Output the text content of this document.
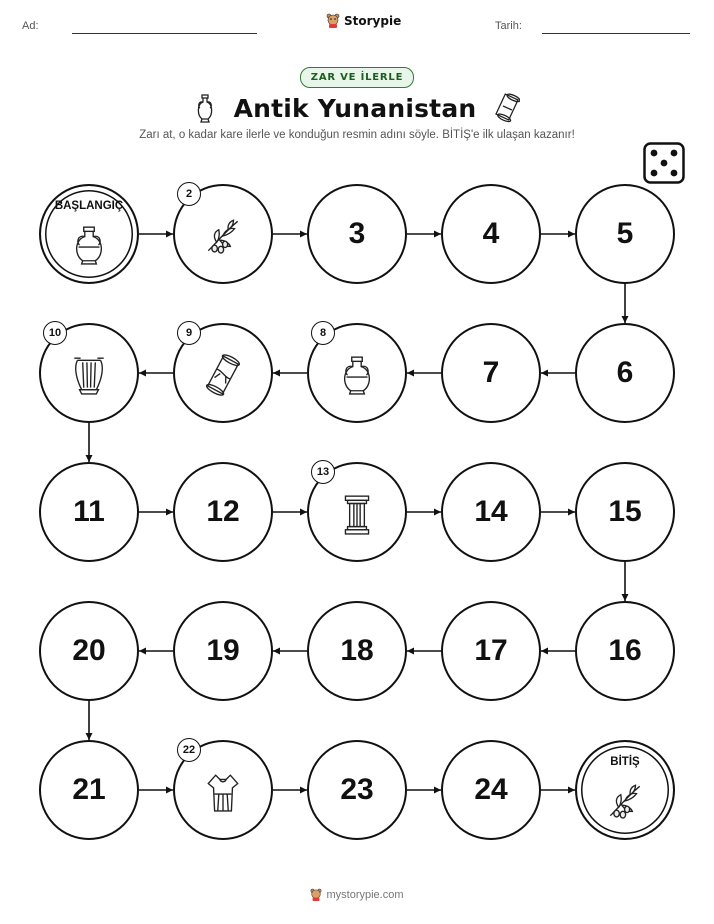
Ad:	Storypie	Tarih:
ZAR VE İLERLE
Antik Yunanistan
Zarı at, o kadar kare ilerle ve konduğun resmin adını söyle. BİTİŞ'e ilk ulaşan kazanır!
BAŞLANGIÇ
2
3	4	5
6
7
8
9
10
11	12
13
14	15
16
17
18
19
20
21
22
23	24
BİTİŞ
mystorypie.com
